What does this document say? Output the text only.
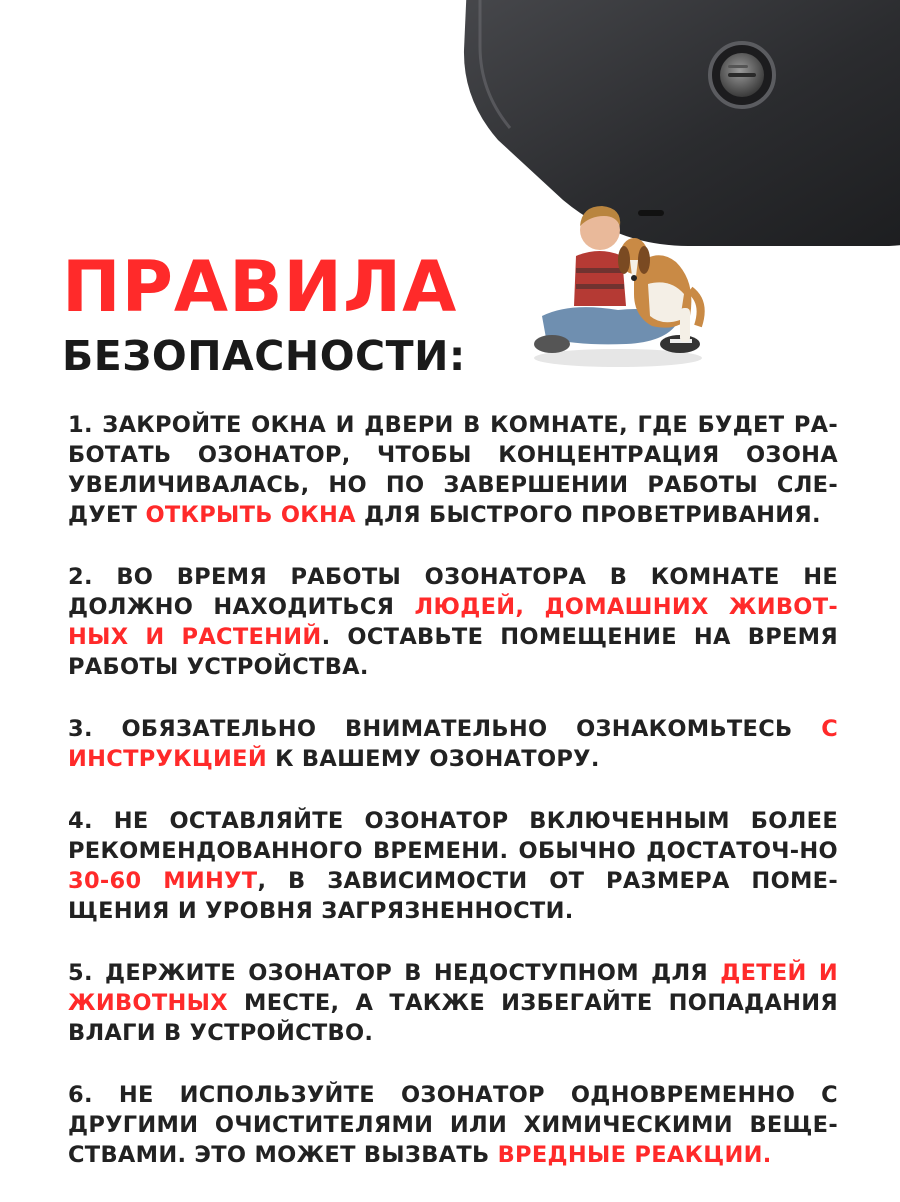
ПРАВИЛА
БЕЗОПАСНОСТИ:

1. ЗАКРОЙТЕ ОКНА И ДВЕРИ В КОМНАТЕ, ГДЕ БУДЕТ РА-БОТАТЬ ОЗОНАТОР, ЧТОБЫ КОНЦЕНТРАЦИЯ ОЗОНА УВЕЛИЧИВАЛАСЬ, НО ПО ЗАВЕРШЕНИИ РАБОТЫ СЛЕ-ДУЕТ ОТКРЫТЬ ОКНА ДЛЯ БЫСТРОГО ПРОВЕТРИВАНИЯ.

2. ВО ВРЕМЯ РАБОТЫ ОЗОНАТОРА В КОМНАТЕ НЕ ДОЛЖНО НАХОДИТЬСЯ ЛЮДЕЙ, ДОМАШНИХ ЖИВОТ-НЫХ И РАСТЕНИЙ. ОСТАВЬТЕ ПОМЕЩЕНИЕ НА ВРЕМЯ РАБОТЫ УСТРОЙСТВА.

3. ОБЯЗАТЕЛЬНО ВНИМАТЕЛЬНО ОЗНАКОМЬТЕСЬ С ИНСТРУКЦИЕЙ К ВАШЕМУ ОЗОНАТОРУ.

4. НЕ ОСТАВЛЯЙТЕ ОЗОНАТОР ВКЛЮЧЕННЫМ БОЛЕЕ РЕКОМЕНДОВАННОГО ВРЕМЕНИ. ОБЫЧНО ДОСТАТОЧ-НО 30-60 МИНУТ, В ЗАВИСИМОСТИ ОТ РАЗМЕРА ПОМЕ-ЩЕНИЯ И УРОВНЯ ЗАГРЯЗНЕННОСТИ.

5. ДЕРЖИТЕ ОЗОНАТОР В НЕДОСТУПНОМ ДЛЯ ДЕТЕЙ И ЖИВОТНЫХ МЕСТЕ, А ТАКЖЕ ИЗБЕГАЙТЕ ПОПАДАНИЯ ВЛАГИ В УСТРОЙСТВО.

6. НЕ ИСПОЛЬЗУЙТЕ ОЗОНАТОР ОДНОВРЕМЕННО С ДРУГИМИ ОЧИСТИТЕЛЯМИ ИЛИ ХИМИЧЕСКИМИ ВЕЩЕ-СТВАМИ. ЭТО МОЖЕТ ВЫЗВАТЬ ВРЕДНЫЕ РЕАКЦИИ.
